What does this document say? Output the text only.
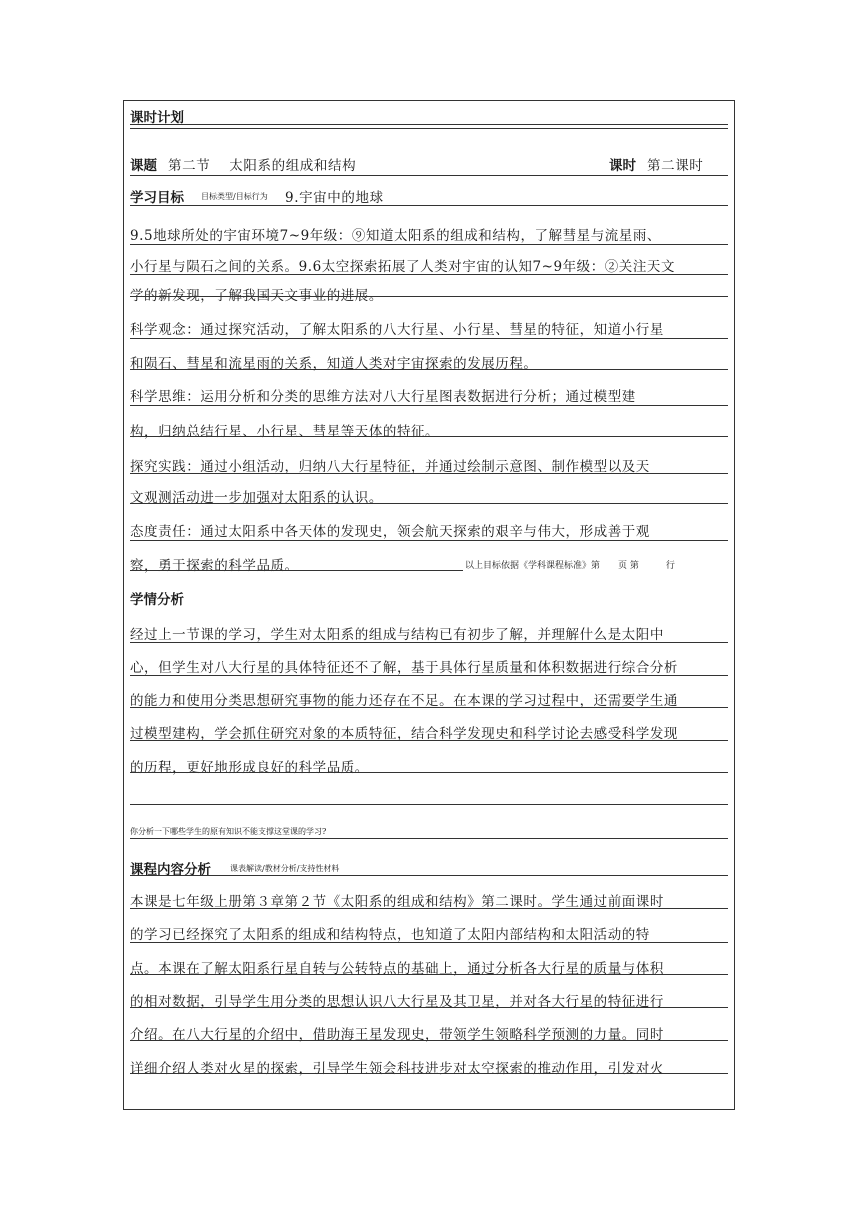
课时计划
课题 第二节　 太阳系的组成和结构	课时 第二课时
学习目标 目标类型/目标行为 9.宇宙中的地球
9.5地球所处的宇宙环境7~9年级：⑨知道太阳系的组成和结构，了解彗星与流星雨、
小行星与陨石之间的关系。9.6太空探索拓展了人类对宇宙的认知7~9年级：②关注天文
学的新发现，了解我国天文事业的进展。
科学观念：通过探究活动，了解太阳系的八大行星、小行星、彗星的特征，知道小行星
和陨石、彗星和流星雨的关系，知道人类对宇宙探索的发展历程。
科学思维：运用分析和分类的思维方法对八大行星图表数据进行分析；通过模型建
构，归纳总结行星、小行星、彗星等天体的特征。
探究实践：通过小组活动，归纳八大行星特征，并通过绘制示意图、制作模型以及天
文观测活动进一步加强对太阳系的认识。
态度责任：通过太阳系中各天体的发现史，领会航天探索的艰辛与伟大，形成善于观
察，勇于探索的科学品质。	以上目标依据《学科课程标准》第　　页 第　　　行
学情分析
经过上一节课的学习，学生对太阳系的组成与结构已有初步了解，并理解什么是太阳中
心，但学生对八大行星的具体特征还不了解，基于具体行星质量和体积数据进行综合分析
的能力和使用分类思想研究事物的能力还存在不足。在本课的学习过程中，还需要学生通
过模型建构，学会抓住研究对象的本质特征，结合科学发现史和科学讨论去感受科学发现
的历程，更好地形成良好的科学品质。
你分析一下哪些学生的原有知识不能支撑这堂课的学习?
课程内容分析 课表解读/教材分析/支持性材料
本课是七年级上册第３章第２节《太阳系的组成和结构》第二课时。学生通过前面课时
的学习已经探究了太阳系的组成和结构特点，也知道了太阳内部结构和太阳活动的特
点。本课在了解太阳系行星自转与公转特点的基础上，通过分析各大行星的质量与体积
的相对数据，引导学生用分类的思想认识八大行星及其卫星，并对各大行星的特征进行
介绍。在八大行星的介绍中，借助海王星发现史，带领学生领略科学预测的力量。同时
详细介绍人类对火星的探索，引导学生领会科技进步对太空探索的推动作用，引发对火
